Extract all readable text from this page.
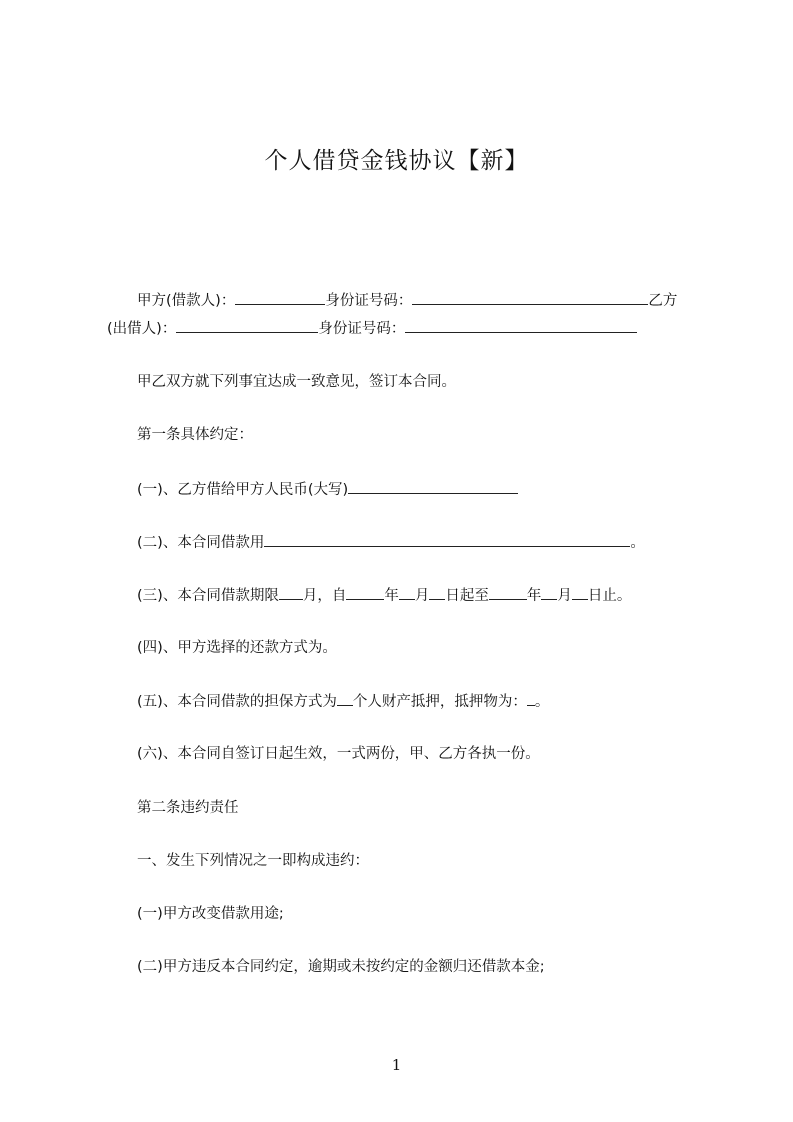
个人借贷金钱协议【新】
甲方(借款人)：	身份证号码：	乙方
(出借人)：	身份证号码：
甲乙双方就下列事宜达成一致意见，签订本合同。
第一条具体约定：
(一)、乙方借给甲方人民币(大写)
(二)、本合同借款用	。
(三)、本合同借款期限 月，自	年 月 日起至	年 月 日止。
(四)、甲方选择的还款方式为。
(五)、本合同借款的担保方式为 个人财产抵押，抵押物为： 。
(六)、本合同自签订日起生效，一式两份，甲、乙方各执一份。
第二条违约责任
一、发生下列情况之一即构成违约：
(一)甲方改变借款用途;
(二)甲方违反本合同约定，逾期或未按约定的金额归还借款本金;
1
